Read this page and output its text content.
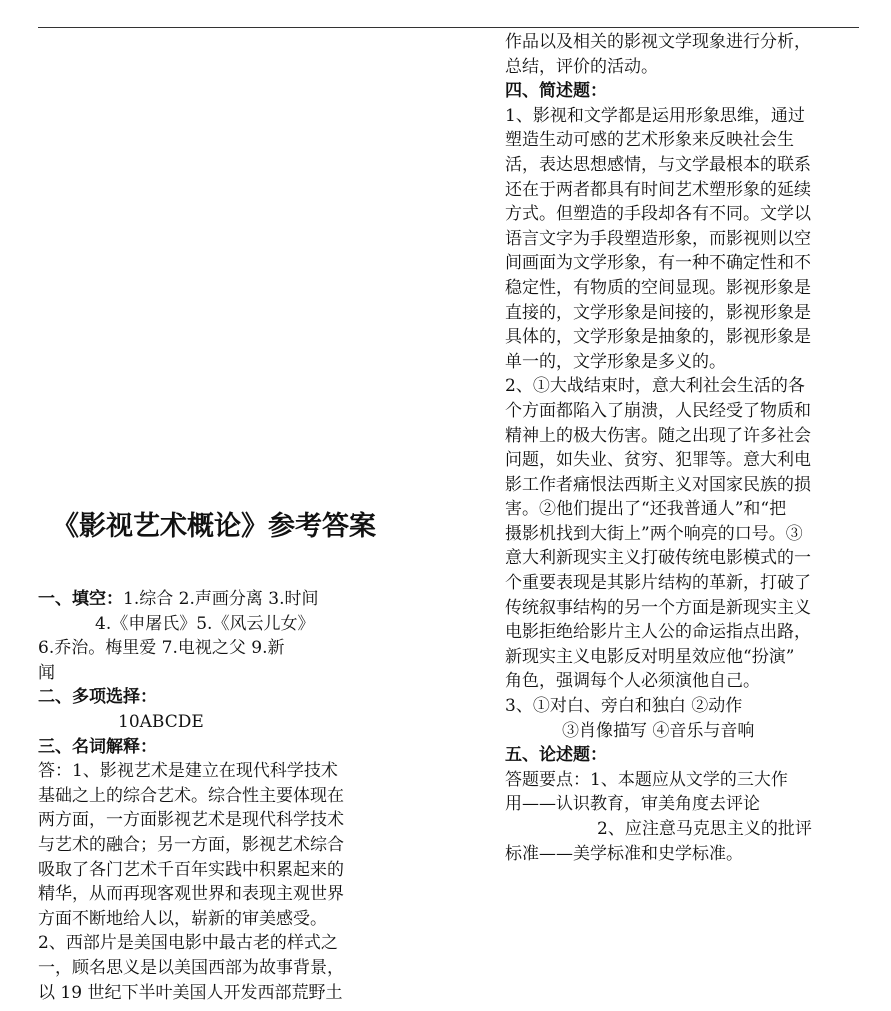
《影视艺术概论》参考答案
一、填空：1.综合 2.声画分离 3.时间
4.《申屠氏》5.《风云儿女》
6.乔治。梅里爱 7.电视之父 9.新
闻
二、多项选择：
10ABCDE
三、名词解释：
答：1、影视艺术是建立在现代科学技术
基础之上的综合艺术。综合性主要体现在
两方面，一方面影视艺术是现代科学技术
与艺术的融合；另一方面，影视艺术综合
吸取了各门艺术千百年实践中积累起来的
精华，从而再现客观世界和表现主观世界
方面不断地给人以，崭新的审美感受。
2、西部片是美国电影中最古老的样式之
一，顾名思义是以美国西部为故事背景，
以 19 世纪下半叶美国人开发西部荒野土
作品以及相关的影视文学现象进行分析，
总结，评价的活动。
四、简述题：
1、影视和文学都是运用形象思维，通过
塑造生动可感的艺术形象来反映社会生
活，表达思想感情，与文学最根本的联系
还在于两者都具有时间艺术塑形象的延续
方式。但塑造的手段却各有不同。文学以
语言文字为手段塑造形象，而影视则以空
间画面为文学形象，有一种不确定性和不
稳定性，有物质的空间显现。影视形象是
直接的，文学形象是间接的，影视形象是
具体的，文学形象是抽象的，影视形象是
单一的，文学形象是多义的。
2、①大战结束时，意大利社会生活的各
个方面都陷入了崩溃，人民经受了物质和
精神上的极大伤害。随之出现了许多社会
问题，如失业、贫穷、犯罪等。意大利电
影工作者痛恨法西斯主义对国家民族的损
害。②他们提出了“还我普通人”和“把
摄影机找到大街上”两个响亮的口号。③
意大利新现实主义打破传统电影模式的一
个重要表现是其影片结构的革新，打破了
传统叙事结构的另一个方面是新现实主义
电影拒绝给影片主人公的命运指点出路，
新现实主义电影反对明星效应他“扮演”
角色，强调每个人必须演他自己。
3、①对白、旁白和独白 ②动作
③肖像描写 ④音乐与音响
五、论述题：
答题要点：1、本题应从文学的三大作
用——认识教育，审美角度去评论
2、应注意马克思主义的批评
标准——美学标准和史学标准。
